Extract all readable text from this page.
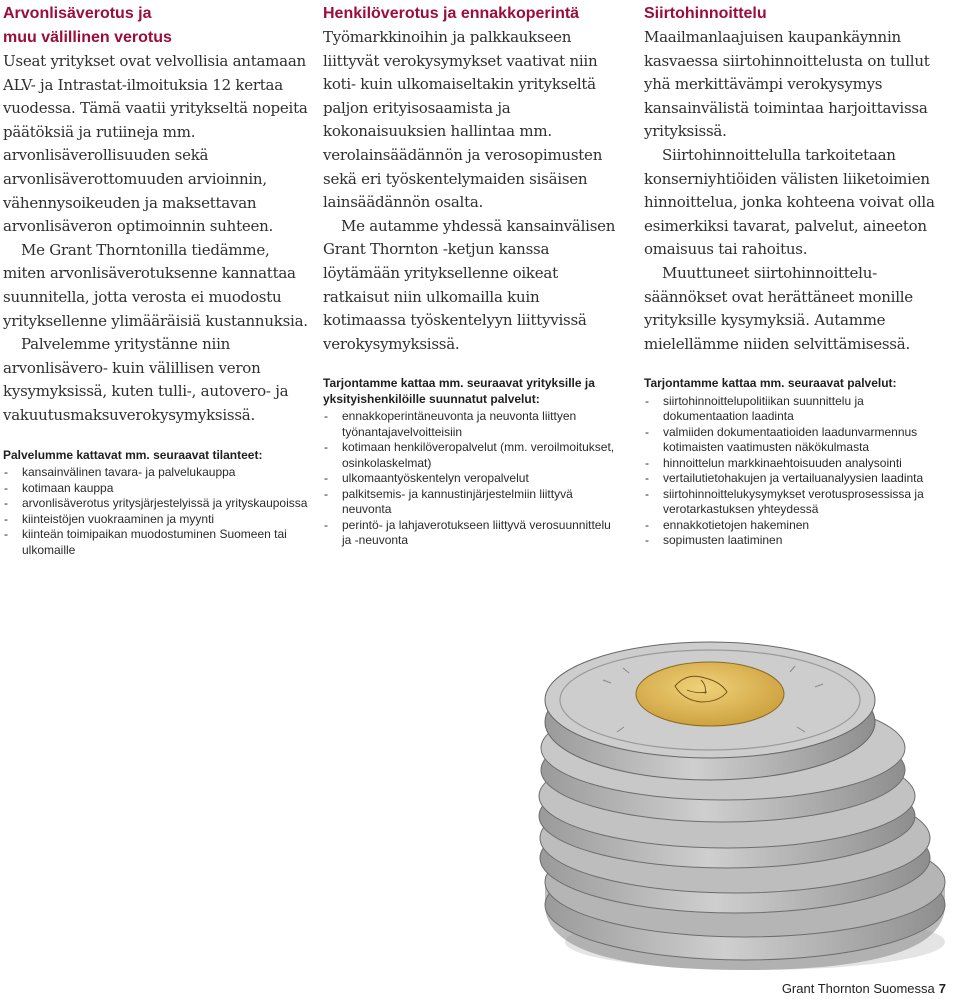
Arvonlisäverotus ja
muu välillinen verotus

Useat yritykset ovat velvollisia antamaan ALV- ja Intrastat-ilmoituksia 12 kertaa vuodessa. Tämä vaatii yritykseltä nopeita päätöksiä ja rutiineja mm. arvonlisäverollisuuden sekä arvonlisäverottomuuden arvioinnin, vähennysoikeuden ja maksettavan arvonlisäveron optimoinnin suhteen.

Me Grant Thorntonilla tiedämme, miten arvonlisäverotuksenne kannattaa suunnitella, jotta verosta ei muodostu yrityksellenne ylimääräisiä kustannuksia.

Palvelemme yritystänne niin arvonlisävero- kuin välillisen veron kysymyksissä, kuten tulli-, autovero- ja vakuutusmaksuverokysymyksissä.

Palvelumme kattavat mm. seuraavat tilanteet:
- kansainvälinen tavara- ja palvelukauppa
- kotimaan kauppa
- arvonlisäverotus yritysjärjestelyissä ja yrityskaupoissa
- kiinteistöjen vuokraaminen ja myynti
- kiinteän toimipaikan muodostuminen Suomeen tai ulkomaille
Henkilöverotus ja ennakkoperintä

Työmarkkinoihin ja palkkaukseen liittyvät verokysymykset vaativat niin koti- kuin ulkomaiseltakin yritykseltä paljon erityisosaamista ja kokonaisuuksien hallintaa mm. verolainsäädännön ja verosopimusten sekä eri työskentelymaiden sisäisen lainsäädännön osalta.

Me autamme yhdessä kansainvälisen Grant Thornton -ketjun kanssa löytämään yrityksellenne oikeat ratkaisut niin ulkomailla kuin kotimaassa työskentelyyn liittyvissä verokysymyksissä.

Tarjontamme kattaa mm. seuraavat yrityksille ja yksityishenkilöille suunnatut palvelut:
- ennakkoperintäneuvonta ja neuvonta liittyen työnantajavelvoitteisiin
- kotimaan henkilöveropalvelut (mm. veroilmoitukset, osinkolaskelmat)
- ulkomaantyöskentelyn veropalvelut
- palkitsemis- ja kannustinjärjestelmiin liittyvä neuvonta
- perintö- ja lahjaverotukseen liittyvä verosuunnittelu ja -neuvonta
Siirtohinnoittelu

Maailmanlaajuisen kaupankäynnin kasvaessa siirtohinnoittelusta on tullut yhä merkittävämpi verokysymys kansainvälistä toimintaa harjoittavissa yrityksissä.

Siirtohinnoittelulla tarkoitetaan konserniyhtiöiden välisten liiketoimien hinnoittelua, jonka kohteena voivat olla esimerkiksi tavarat, palvelut, aineeton omaisuus tai rahoitus.

Muuttuneet siirtohinnoittelu-säännökset ovat herättäneet monille yrityksille kysymyksiä. Autamme mielellämme niiden selvittämisessä.

Tarjontamme kattaa mm. seuraavat palvelut:
- siirtohinnoittelupolitiikan suunnittelu ja dokumentaation laadinta
- valmiiden dokumentaatioiden laadunvarmennus kotimaisten vaatimusten näkökulmasta
- hinnoittelun markkinaehtoisuuden analysointi
- vertailutietohakujen ja vertailuanalyysien laadinta
- siirtohinnoittelukysymykset verotusprosessissa ja verotarkastuksen yhteydessä
- ennakkotietojen hakeminen
- sopimusten laatiminen
Grant Thornton Suomessa 7
